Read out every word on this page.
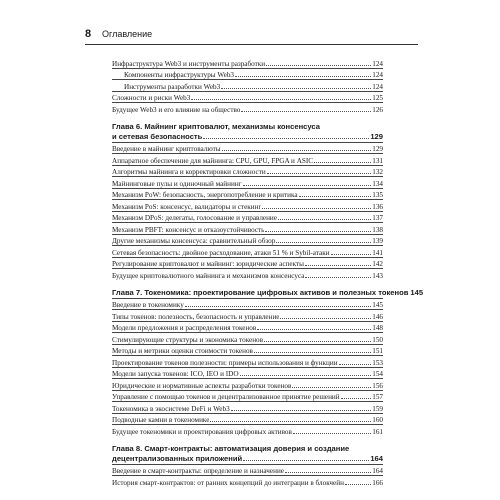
8 Оглавление
Инфраструктура Web3 и инструменты разработки	124
Компоненты инфраструктуры Web3	124
Инструменты разработки Web3	124
Сложности и риски Web3	125
Будущее Web3 и его влияние на общество	126
Глава 6. Майнинг криптовалют, механизмы консенсуса
и сетевая безопасность	129
Введение в майнинг криптовалюты	129
Аппаратное обеспечение для майнинга: CPU, GPU, FPGA и ASIC	131
Алгоритмы майнинга и корректировки сложности	132
Майнинговые пулы и одиночный майнинг	134
Механизм PoW: безопасность, энергопотребление и критика	135
Механизм PoS: консенсус, валидаторы и стекинг	136
Механизм DPoS: делегаты, голосование и управление	137
Механизм PBFT: консенсус и отказоустойчивость	138
Другие механизмы консенсуса: сравнительный обзор	139
Сетевая безопасность: двойное расходование, атаки 51 % и Sybil-атаки	141
Регулирование криптовалют и майнинг: юридические аспекты	142
Будущее криптовалютного майнинга и механизмов консенсуса	143
Глава 7. Токеномика: проектирование цифровых активов и полезных токенов 145
Введение в токеномику	145
Типы токенов: полезность, безопасность и управление	146
Модели предложения и распределения токенов	148
Стимулирующие структуры и экономика токенов	150
Методы и метрики оценки стоимости токенов	151
Проектирование токенов полезности: примеры использования и функции	153
Модели запуска токенов: ICO, IEO и IDO	154
Юридические и нормативные аспекты разработки токенов	156
Управление с помощью токенов и децентрализованное принятие решений	157
Токеномика в экосистеме DeFi и Web3	159
Подводные камни в токеномике	160
Будущее токеномики и проектирования цифровых активов	161
Глава 8. Смарт-контракты: автоматизация доверия и создание
децентрализованных приложений	164
Введение в смарт-контракты: определение и назначение	164
История смарт-контрактов: от ранних концепций до интеграции в блокчейн	166
